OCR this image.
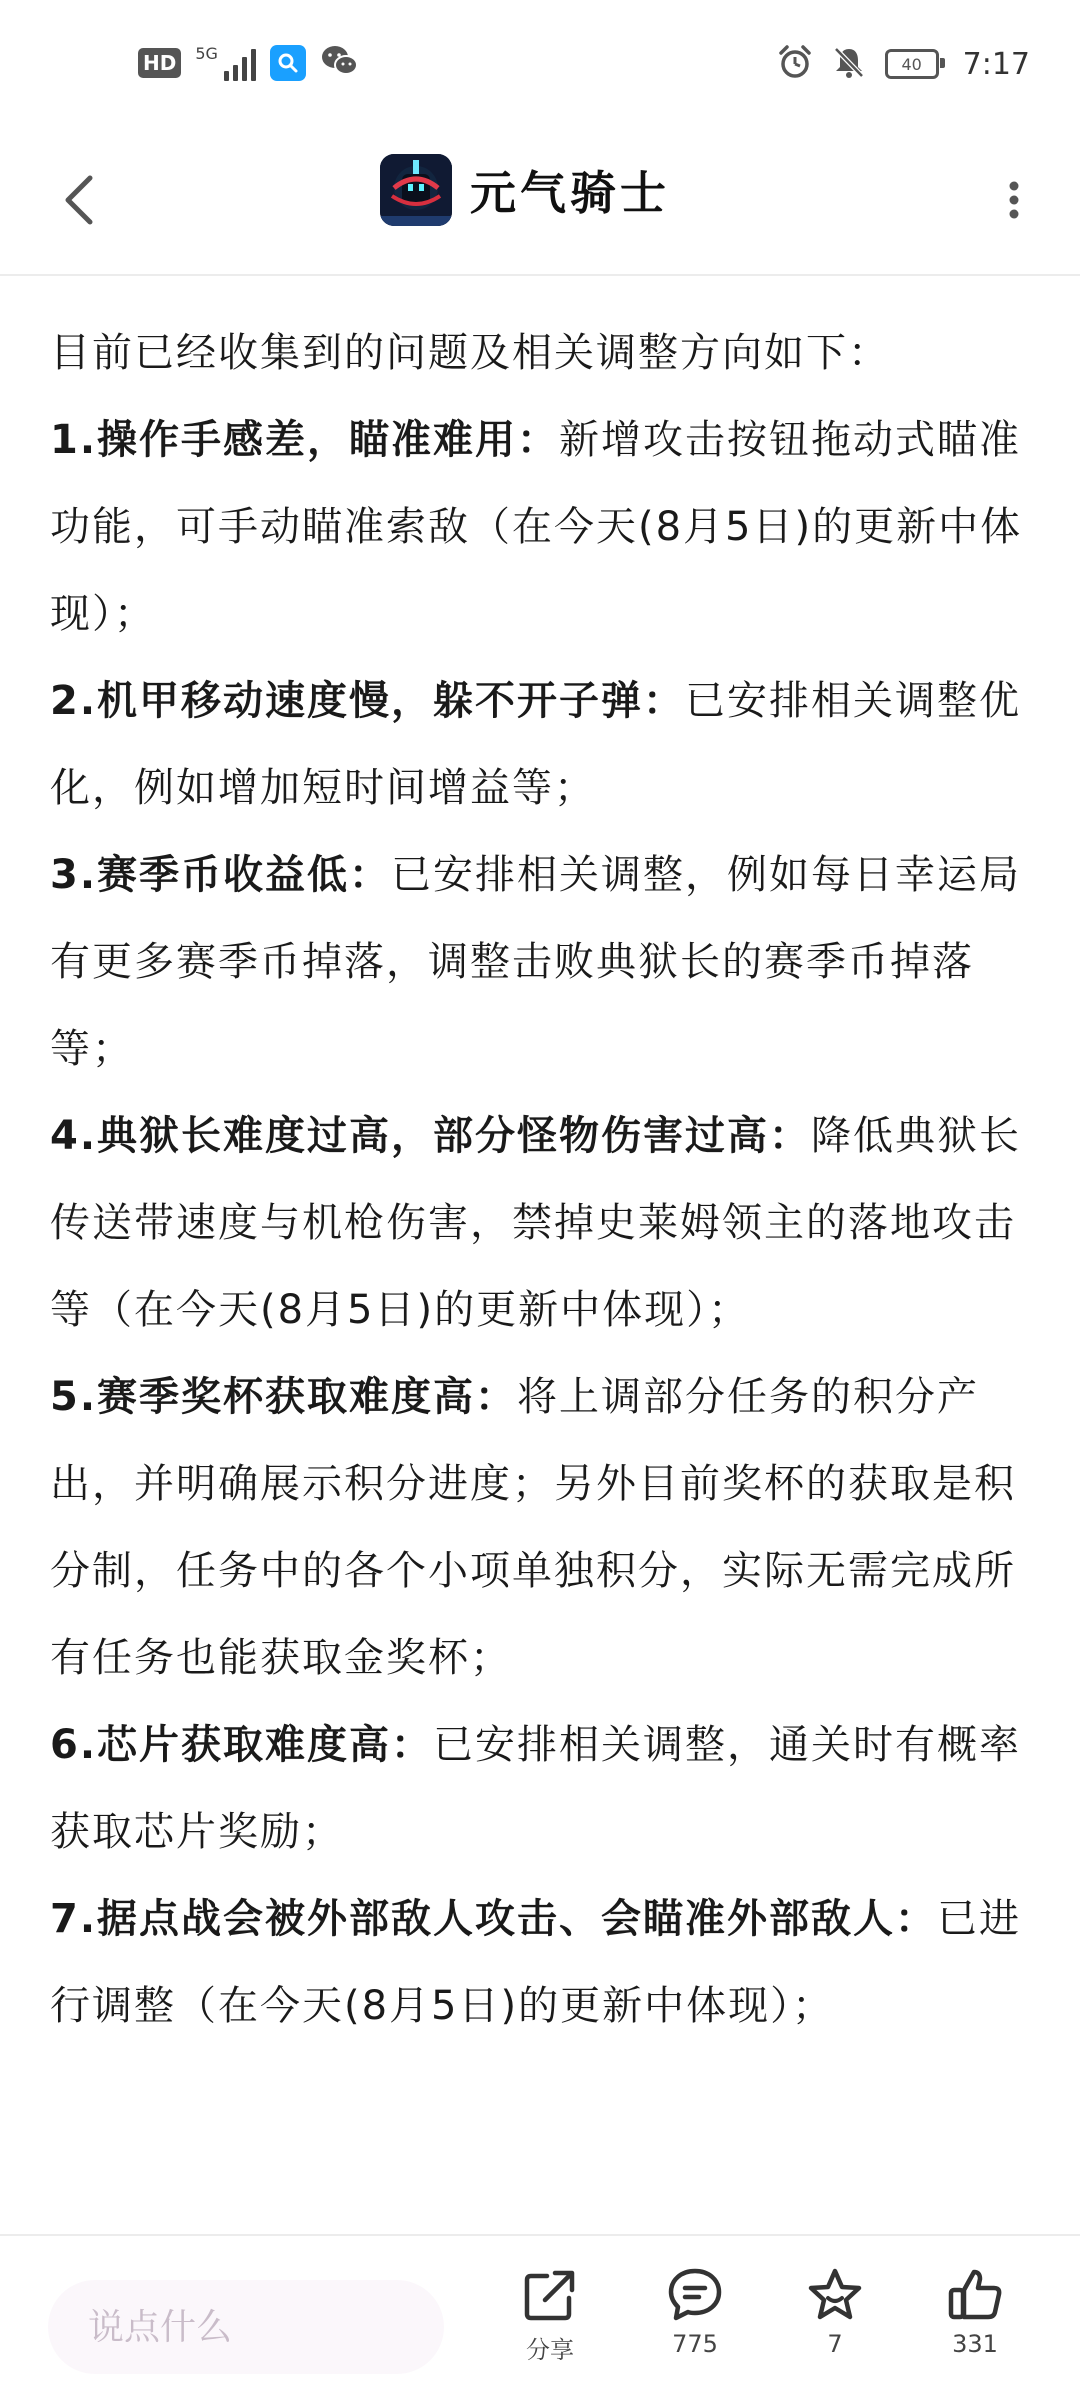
HD	5G
40 7:17
元气骑士

目前已经收集到的问题及相关调整方向如下：

1.操作手感差，瞄准难用：新增攻击按钮拖动式瞄准功能，可手动瞄准索敌（在今天(8月5日)的更新中体现）；

2.机甲移动速度慢，躲不开子弹：已安排相关调整优化，例如增加短时间增益等；

3.赛季币收益低：已安排相关调整，例如每日幸运局有更多赛季币掉落，调整击败典狱长的赛季币掉落等；

4.典狱长难度过高，部分怪物伤害过高：降低典狱长传送带速度与机枪伤害，禁掉史莱姆领主的落地攻击等（在今天(8月5日)的更新中体现）；

5.赛季奖杯获取难度高：将上调部分任务的积分产出，并明确展示积分进度；另外目前奖杯的获取是积分制，任务中的各个小项单独积分，实际无需完成所有任务也能获取金奖杯；

6.芯片获取难度高：已安排相关调整，通关时有概率获取芯片奖励；

7.据点战会被外部敌人攻击、会瞄准外部敌人：已进行调整（在今天(8月5日)的更新中体现）；

说点什么
分享	775	7	331
